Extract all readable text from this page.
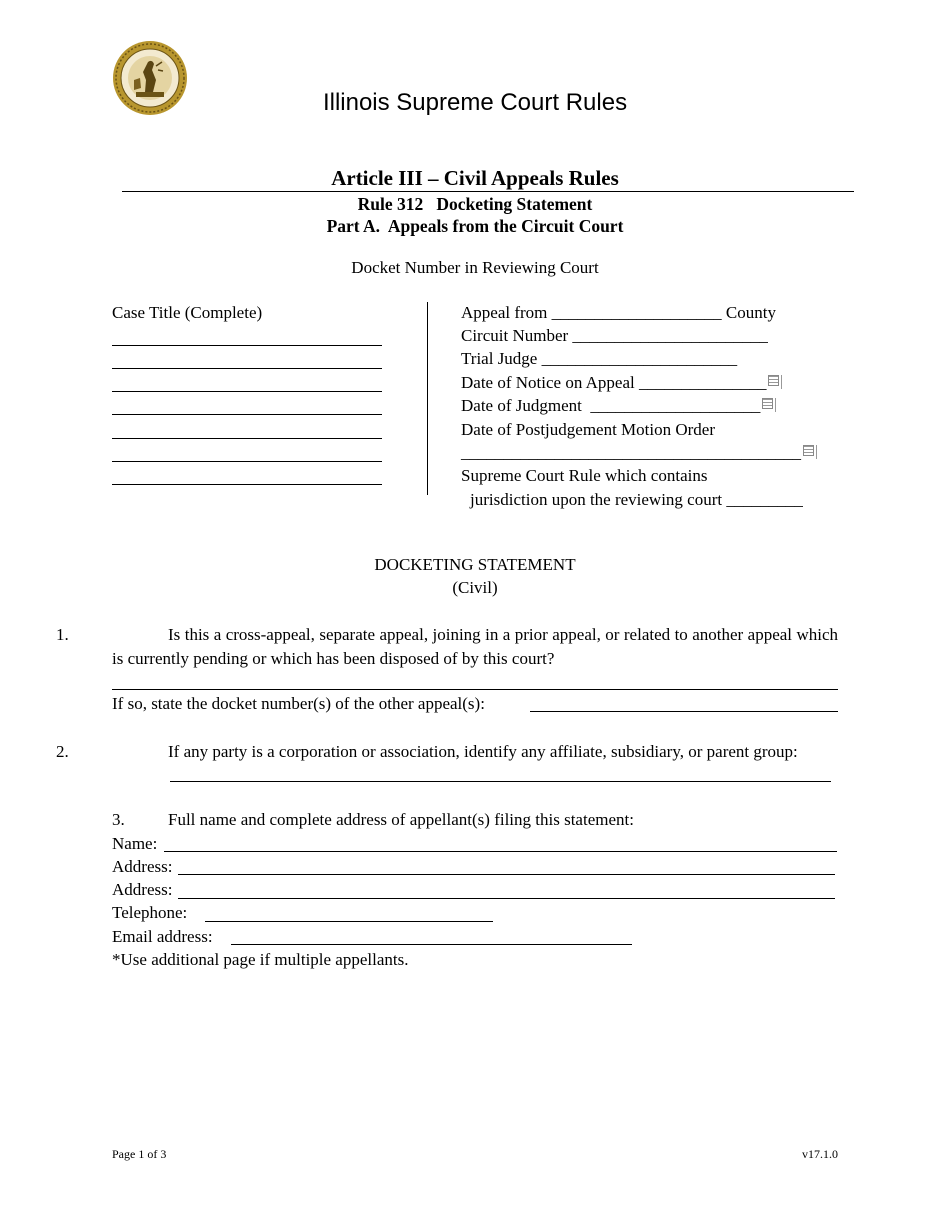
Illinois Supreme Court Rules
Article III – Civil Appeals Rules
Rule 312   Docketing Statement
Part A.  Appeals from the Circuit Court
Docket Number in Reviewing Court
Case Title (Complete)	Appeal from ____________________ County
Circuit Number _______________________
Trial Judge _______________________
Date of Notice on Appeal _______________
Date of Judgment  ____________________
Date of Postjudgement Motion Order
________________________________________
Supreme Court Rule which contains
jurisdiction upon the reviewing court _________
DOCKETING STATEMENT
(Civil)
1.	Is this a cross-appeal, separate appeal, joining in a prior appeal, or related to another appeal which is currently pending or which has been disposed of by this court?
If so, state the docket number(s) of the other appeal(s):
2.	If any party is a corporation or association, identify any affiliate, subsidiary, or parent group:
3.	Full name and complete address of appellant(s) filing this statement:
Name:
Address:
Address:
Telephone:
Email address:
*Use additional page if multiple appellants.
Page 1 of 3	v17.1.0
